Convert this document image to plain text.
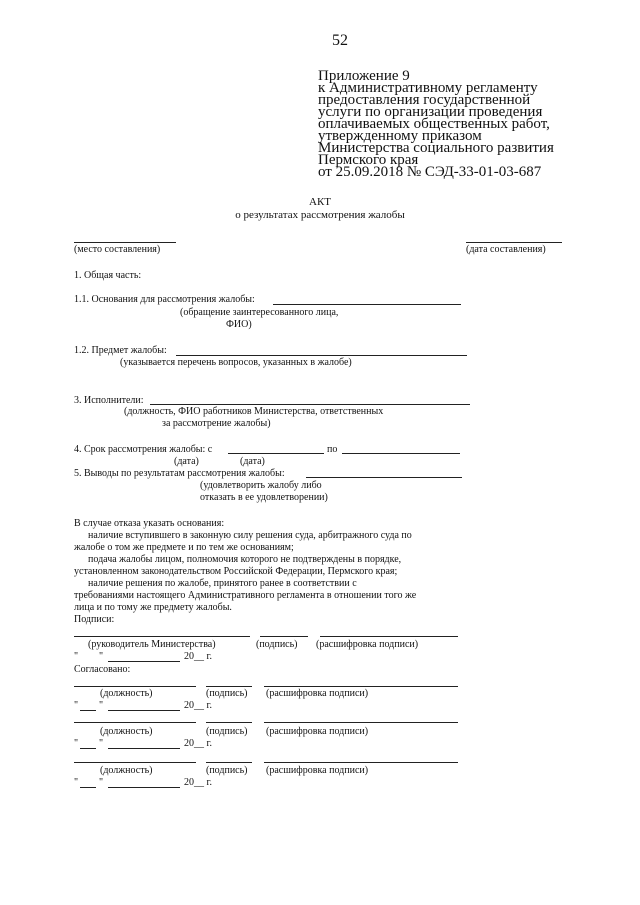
52
Приложение 9
к Административному регламенту
предоставления государственной
услуги по организации проведения
оплачиваемых общественных работ,
утвержденному приказом
Министерства социального развития
Пермского края
от 25.09.2018 № СЭД-33-01-03-687
АКТ
о результатах рассмотрения жалобы
(место составления)	(дата составления)
1. Общая часть:
1.1. Основания для рассмотрения жалобы:
(обращение заинтересованного лица,
ФИО)
1.2. Предмет жалобы:
(указывается перечень вопросов, указанных в жалобе)
3. Исполнители:
(должность, ФИО работников Министерства, ответственных
за рассмотрение жалобы)
4. Срок рассмотрения жалобы: с	по
(дата)	(дата)
5. Выводы по результатам рассмотрения жалобы:
(удовлетворить жалобу либо
отказать в ее удовлетворении)
В случае отказа указать основания:
наличие вступившего в законную силу решения суда, арбитражного суда по
жалобе о том же предмете и по тем же основаниям;
подача жалобы лицом, полномочия которого не подтверждены в порядке,
установленном законодательством Российской Федерации, Пермского края;
наличие решения по жалобе, принятого ранее в соответствии с
требованиями настоящего Административного регламента в отношении того же
лица и по тому же предмету жалобы.
Подписи:
(руководитель Министерства)	(подпись) (расшифровка подписи)
" "	20__ г.
Согласовано:
(должность)	(подпись) (расшифровка подписи)
" "	20__ г.
(должность)	(подпись) (расшифровка подписи)
" "	20__ г.
(должность)	(подпись) (расшифровка подписи)
" "	20__ г.
